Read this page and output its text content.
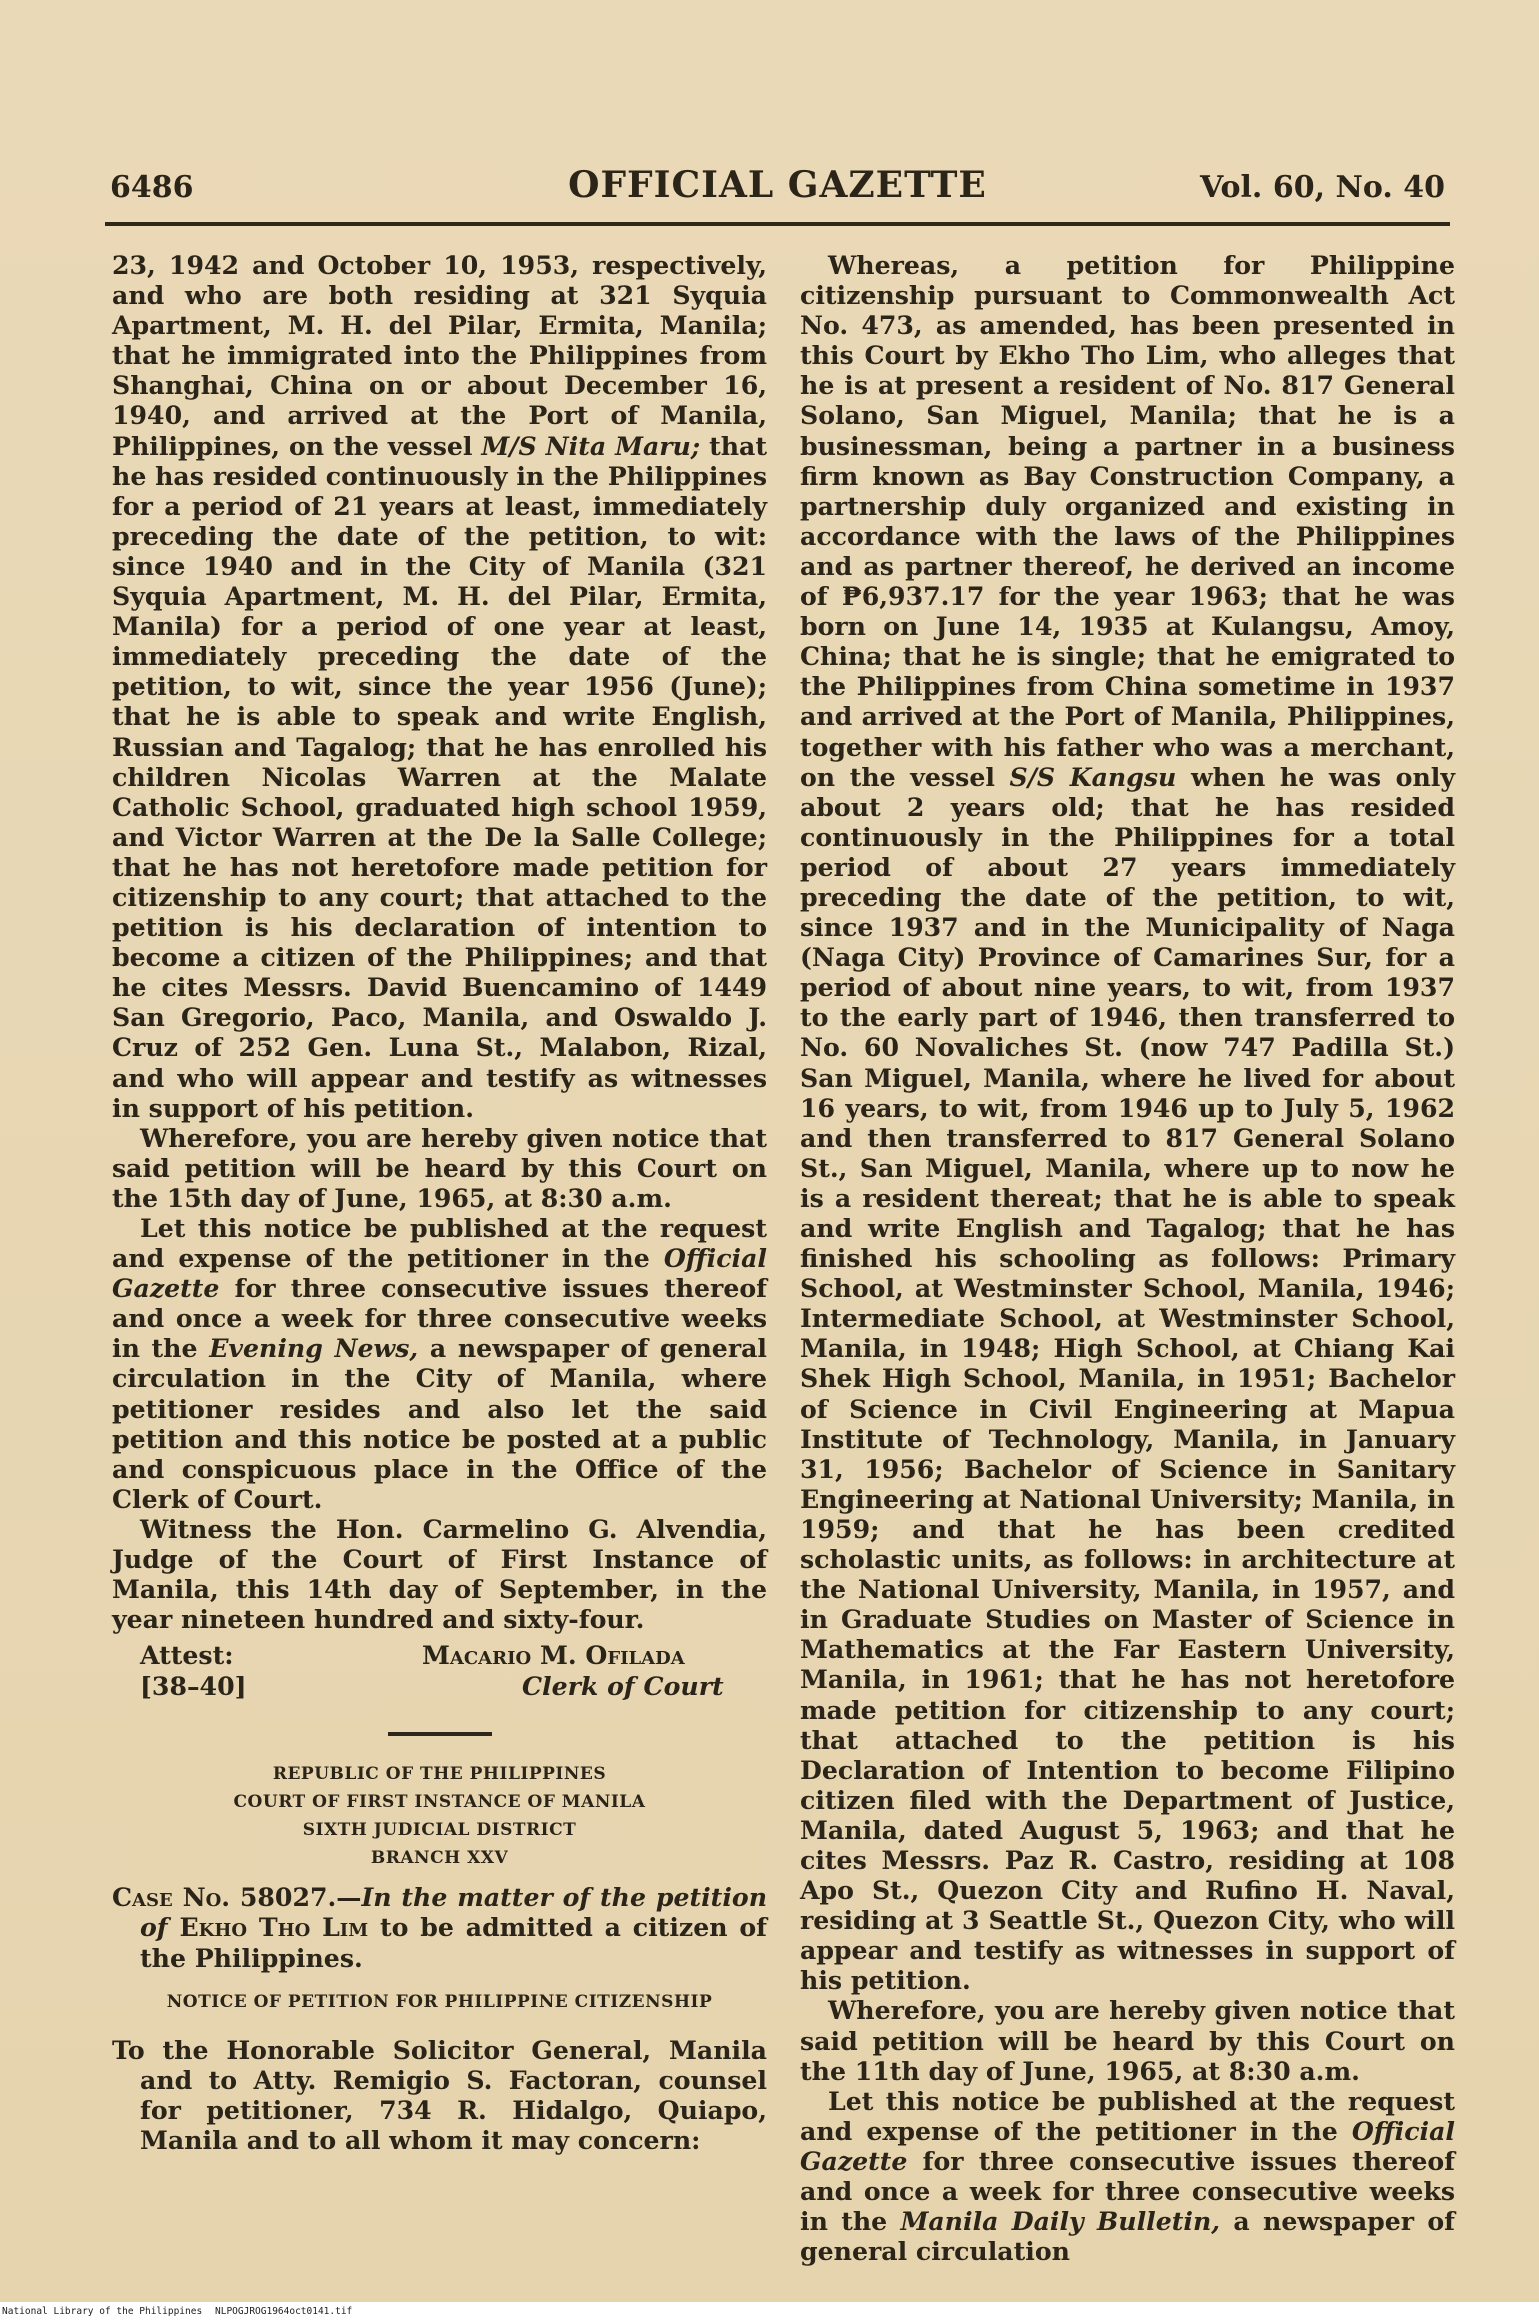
6486	OFFICIAL GAZETTE	Vol. 60, No. 40

23, 1942 and October 10, 1953, respectively, and who are both residing at 321 Syquia Apartment, M. H. del Pilar, Ermita, Manila; that he immigrated into the Philippines from Shanghai, China on or about December 16, 1940, and arrived at the Port of Manila, Philippines, on the vessel M/S Nita Maru; that he has resided continuously in the Philippines for a period of 21 years at least, immediately preceding the date of the petition, to wit: since 1940 and in the City of Manila (321 Syquia Apartment, M. H. del Pilar, Ermita, Manila) for a period of one year at least, immediately preceding the date of the petition, to wit, since the year 1956 (June); that he is able to speak and write English, Russian and Tagalog; that he has enrolled his children Nicolas Warren at the Malate Catholic School, graduated high school 1959, and Victor Warren at the De la Salle College; that he has not heretofore made petition for citizenship to any court; that attached to the petition is his declaration of intention to become a citizen of the Philippines; and that he cites Messrs. David Buencamino of 1449 San Gregorio, Paco, Manila, and Oswaldo J. Cruz of 252 Gen. Luna St., Malabon, Rizal, and who will appear and testify as witnesses in support of his petition.

Wherefore, you are hereby given notice that said petition will be heard by this Court on the 15th day of June, 1965, at 8:30 a.m.

Let this notice be published at the request and expense of the petitioner in the Official Gazette for three consecutive issues thereof and once a week for three consecutive weeks in the Evening News, a newspaper of general circulation in the City of Manila, where petitioner resides and also let the said petition and this notice be posted at a public and conspicuous place in the Office of the Clerk of Court.

Witness the Hon. Carmelino G. Alvendia, Judge of the Court of First Instance of Manila, this 14th day of September, in the year nineteen hundred and sixty-four.

Attest:
[38–40]
Macario M. Ofilada
Clerk of Court
REPUBLIC OF THE PHILIPPINES
COURT OF FIRST INSTANCE OF MANILA
SIXTH JUDICIAL DISTRICT
BRANCH XXV

Case No. 58027.—In the matter of the petition of Ekho Tho Lim to be admitted a citizen of the Philippines.

NOTICE OF PETITION FOR PHILIPPINE CITIZENSHIP

To the Honorable Solicitor General, Manila and to Atty. Remigio S. Factoran, counsel for petitioner, 734 R. Hidalgo, Quiapo, Manila and to all whom it may concern:

Whereas, a petition for Philippine citizenship pursuant to Commonwealth Act No. 473, as amended, has been presented in this Court by Ekho Tho Lim, who alleges that he is at present a resident of No. 817 General Solano, San Miguel, Manila; that he is a businessman, being a partner in a business firm known as Bay Construction Company, a partnership duly organized and existing in accordance with the laws of the Philippines and as partner thereof, he derived an income of ₱6,937.17 for the year 1963; that he was born on June 14, 1935 at Kulangsu, Amoy, China; that he is single; that he emigrated to the Philippines from China sometime in 1937 and arrived at the Port of Manila, Philippines, together with his father who was a merchant, on the vessel S/S Kangsu when he was only about 2 years old; that he has resided continuously in the Philippines for a total period of about 27 years immediately preceding the date of the petition, to wit, since 1937 and in the Municipality of Naga (Naga City) Province of Camarines Sur, for a period of about nine years, to wit, from 1937 to the early part of 1946, then transferred to No. 60 Novaliches St. (now 747 Padilla St.) San Miguel, Manila, where he lived for about 16 years, to wit, from 1946 up to July 5, 1962 and then transferred to 817 General Solano St., San Miguel, Manila, where up to now he is a resident thereat; that he is able to speak and write English and Tagalog; that he has finished his schooling as follows: Primary School, at Westminster School, Manila, 1946; Intermediate School, at Westminster School, Manila, in 1948; High School, at Chiang Kai Shek High School, Manila, in 1951; Bachelor of Science in Civil Engineering at Mapua Institute of Technology, Manila, in January 31, 1956; Bachelor of Science in Sanitary Engineering at National University; Manila, in 1959; and that he has been credited scholastic units, as follows: in architecture at the National University, Manila, in 1957, and in Graduate Studies on Master of Science in Mathematics at the Far Eastern University, Manila, in 1961; that he has not heretofore made petition for citizenship to any court; that attached to the petition is his Declaration of Intention to become Filipino citizen filed with the Department of Justice, Manila, dated August 5, 1963; and that he cites Messrs. Paz R. Castro, residing at 108 Apo St., Quezon City and Rufino H. Naval, residing at 3 Seattle St., Quezon City, who will appear and testify as witnesses in support of his petition.

Wherefore, you are hereby given notice that said petition will be heard by this Court on the 11th day of June, 1965, at 8:30 a.m.

Let this notice be published at the request and expense of the petitioner in the Official Gazette for three consecutive issues thereof and once a week for three consecutive weeks in the Manila Daily Bulletin, a newspaper of general circulation

National Library of the Philippines NLPOGJROG1964oct0141.tif
